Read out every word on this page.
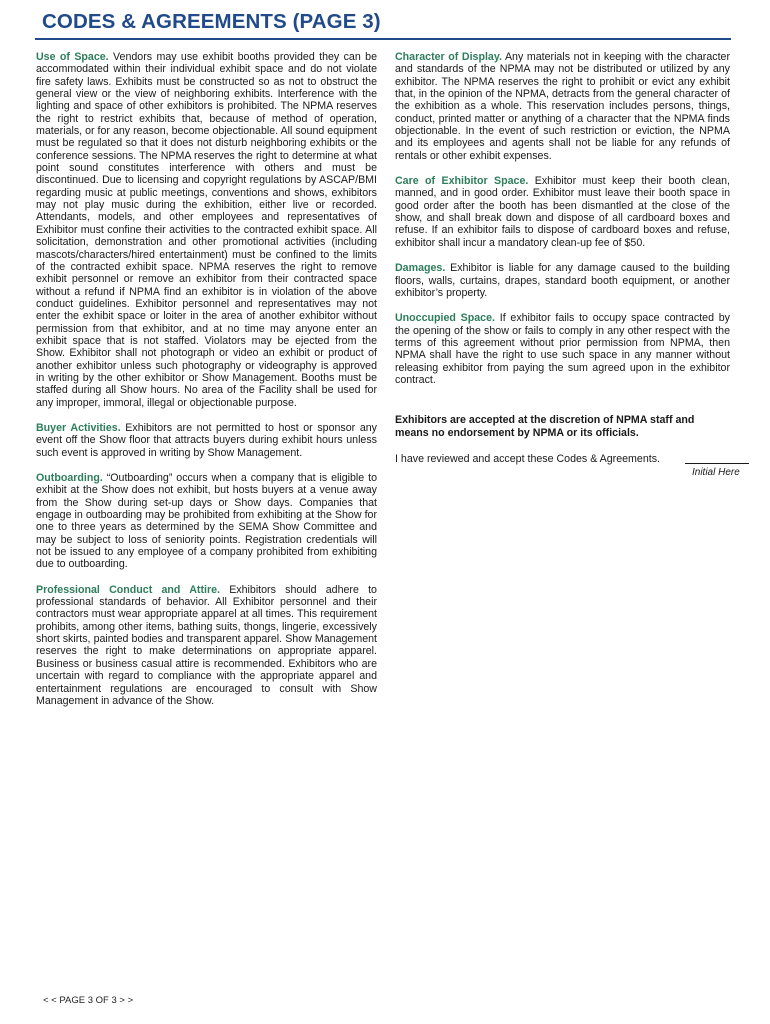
CODES & AGREEMENTS (PAGE 3)

Use of Space. Vendors may use exhibit booths provided they can be accommodated within their individual exhibit space and do not violate fire safety laws. Exhibits must be constructed so as not to obstruct the general view or the view of neighboring exhibits. Interference with the lighting and space of other exhibitors is prohibited. The NPMA reserves the right to restrict exhibits that, because of method of operation, materials, or for any reason, become objectionable. All sound equipment must be regulated so that it does not disturb neighboring exhibits or the conference sessions. The NPMA reserves the right to determine at what point sound constitutes interference with others and must be discontinued. Due to licensing and copyright regulations by ASCAP/BMI regarding music at public meetings, conventions and shows, exhibitors may not play music during the exhibition, either live or recorded. Attendants, models, and other employees and representatives of Exhibitor must confine their activities to the contracted exhibit space. All solicitation, demonstration and other promotional activities (including mascots/characters/hired entertainment) must be confined to the limits of the contracted exhibit space. NPMA reserves the right to remove exhibit personnel or remove an exhibitor from their contracted space without a refund if NPMA find an exhibitor is in violation of the above conduct guidelines. Exhibitor personnel and representatives may not enter the exhibit space or loiter in the area of another exhibitor without permission from that exhibitor, and at no time may anyone enter an exhibit space that is not staffed. Violators may be ejected from the Show. Exhibitor shall not photograph or video an exhibit or product of another exhibitor unless such photography or videography is approved in writing by the other exhibitor or Show Management. Booths must be staffed during all Show hours. No area of the Facility shall be used for any improper, immoral, illegal or objectionable purpose.

Buyer Activities. Exhibitors are not permitted to host or sponsor any event off the Show floor that attracts buyers during exhibit hours unless such event is approved in writing by Show Management.

Outboarding. “Outboarding” occurs when a company that is eligible to exhibit at the Show does not exhibit, but hosts buyers at a venue away from the Show during set-up days or Show days. Companies that engage in outboarding may be prohibited from exhibiting at the Show for one to three years as determined by the SEMA Show Committee and may be subject to loss of seniority points. Registration credentials will not be issued to any employee of a company prohibited from exhibiting due to outboarding.

Professional Conduct and Attire. Exhibitors should adhere to professional standards of behavior. All Exhibitor personnel and their contractors must wear appropriate apparel at all times. This requirement prohibits, among other items, bathing suits, thongs, lingerie, excessively short skirts, painted bodies and transparent apparel. Show Management reserves the right to make determinations on appropriate apparel. Business or business casual attire is recommended. Exhibitors who are uncertain with regard to compliance with the appropriate apparel and entertainment regulations are encouraged to consult with Show Management in advance of the Show.

Character of Display. Any materials not in keeping with the character and standards of the NPMA may not be distributed or utilized by any exhibitor. The NPMA reserves the right to prohibit or evict any exhibit that, in the opinion of the NPMA, detracts from the general character of the exhibition as a whole. This reservation includes persons, things, conduct, printed matter or anything of a character that the NPMA finds objectionable. In the event of such restriction or eviction, the NPMA and its employees and agents shall not be liable for any refunds of rentals or other exhibit expenses.

Care of Exhibitor Space. Exhibitor must keep their booth clean, manned, and in good order. Exhibitor must leave their booth space in good order after the booth has been dismantled at the close of the show, and shall break down and dispose of all cardboard boxes and refuse. If an exhibitor fails to dispose of cardboard boxes and refuse, exhibitor shall incur a mandatory clean-up fee of $50.

Damages. Exhibitor is liable for any damage caused to the building floors, walls, curtains, drapes, standard booth equipment, or another exhibitor’s property.

Unoccupied Space. If exhibitor fails to occupy space contracted by the opening of the show or fails to comply in any other respect with the terms of this agreement without prior permission from NPMA, then NPMA shall have the right to use such space in any manner without releasing exhibitor from paying the sum agreed upon in the exhibitor contract.

Exhibitors are accepted at the discretion of NPMA staff and means no endorsement by NPMA or its officials.

I have reviewed and accept these Codes & Agreements.
Initial Here
< < PAGE 3 OF 3 > >
